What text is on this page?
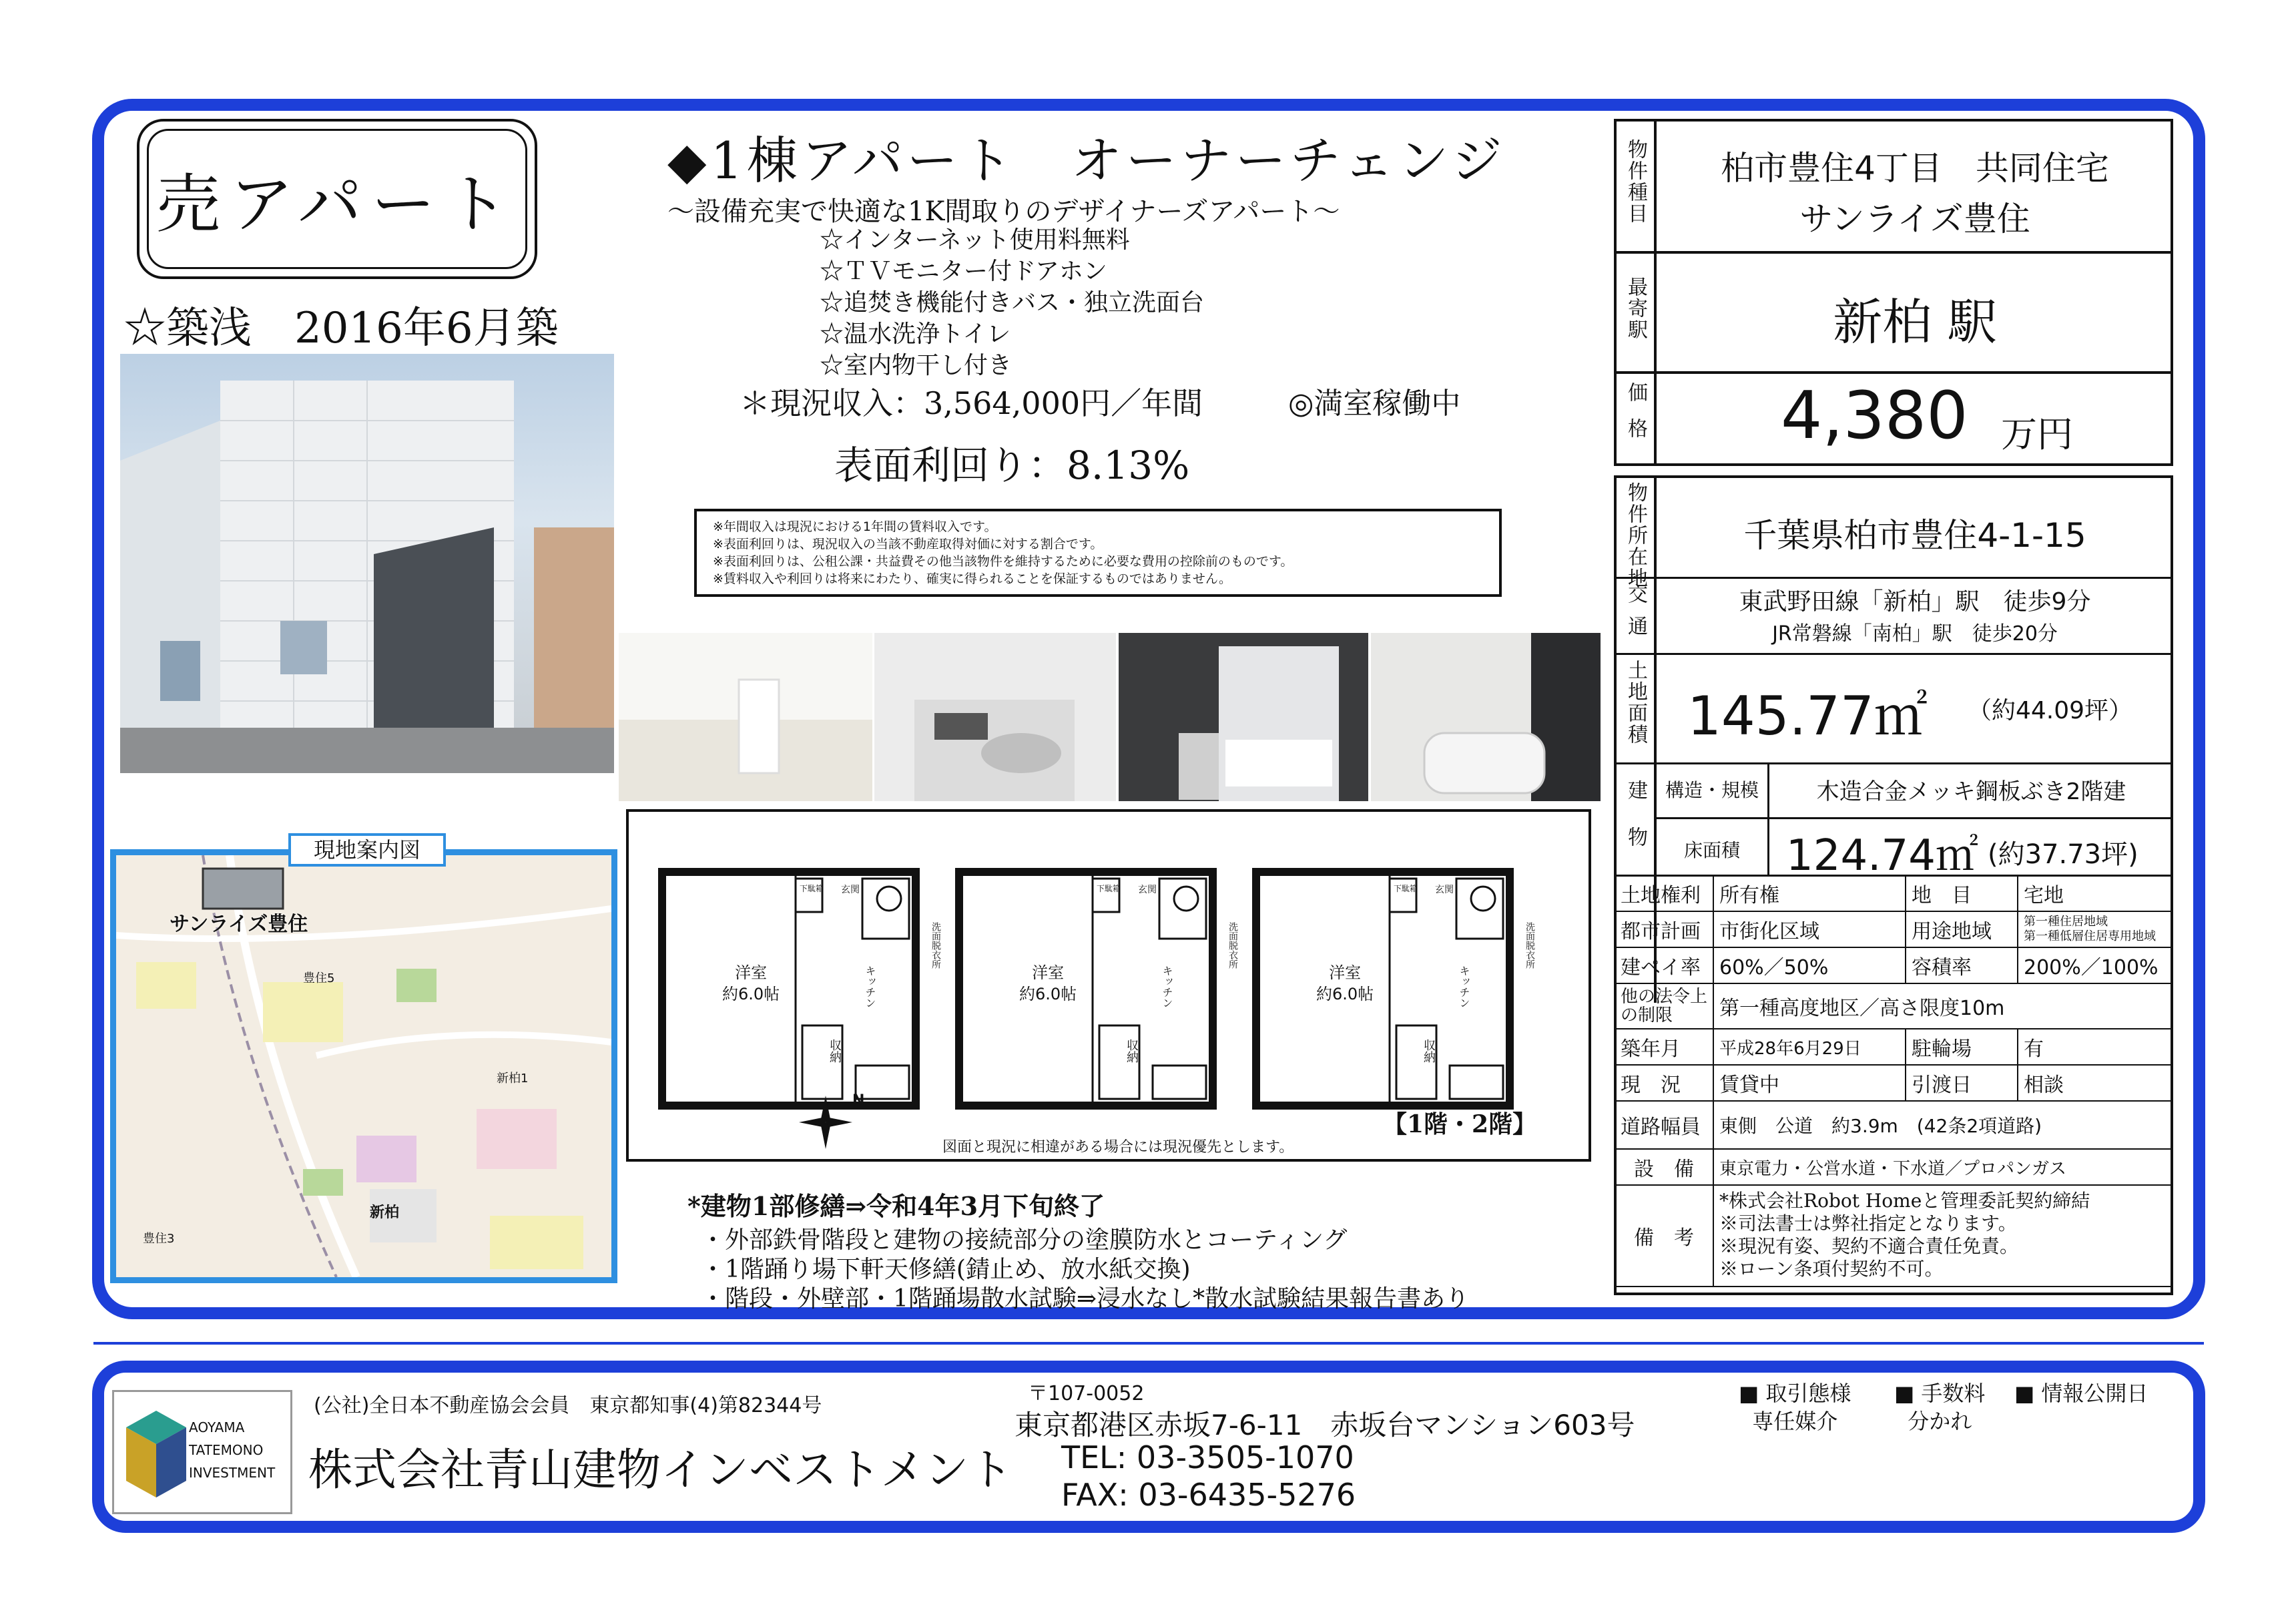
売アパート
☆築浅　2016年6月築
◆1棟アパート　オーナーチェンジ
～設備充実で快適な1K間取りのデザイナーズアパート～
☆インターネット使用料無料
☆ＴＶモニター付ドアホン
☆追焚き機能付きバス・独立洗面台
☆温水洗浄トイレ
☆室内物干し付き
＊現況収入：3,564,000円／年間	◎満室稼働中
表面利回り：8.13%
※年間収入は現況における1年間の賃料収入です。
※表面利回りは、現況収入の当該不動産取得対価に対する割合です。
※表面利回りは、公租公課・共益費その他当該物件を維持するために必要な費用の控除前のものです。
※賃料収入や利回りは将来にわたり、確実に得られることを保証するものではありません。
サンライズ豊住
豊住5
新柏1
豊住3
新柏
現地案内図
洋室
約6.0帖
洋室
約6.0帖
洋室
約6.0帖
収納	収納	収納
キッチン	キッチン	キッチン
玄関	玄関	玄関
下駄箱	下駄箱	下駄箱
洗面脱衣所	洗面脱衣所	洗面脱衣所
N
【1階・2階】
図面と現況に相違がある場合には現況優先とします。
*建物1部修繕⇒令和4年3月下旬終了
・外部鉄骨階段と建物の接続部分の塗膜防水とコーティング
・1階踊り場下軒天修繕(錆止め、放水紙交換)
・階段・外壁部・1階踊場散水試験⇒浸水なし*散水試験結果報告書あり
物件種目	柏市豊住4丁目　共同住宅
サンライズ豊住
最寄駅	新柏 駅
価格 4,380 万円
物件所在地	千葉県柏市豊住4-1-15
交通	東武野田線「新柏」駅　徒歩9分
JR常磐線「南柏」駅　徒歩20分
土地面積 145.77㎡ （約44.09坪）
建物 構造・規模	木造合金メッキ鋼板ぶき2階建
床面積	124.74㎡ (約37.73坪)
土地権利	所有権	地　目	宅地
都市計画	市街化区域	用途地域	第一種住居地域
第一種低層住居専用地域

建ペイ率	60%／50%	容積率	200%／100%
他の法令上の制限	第一種高度地区／高さ限度10m		
築年月	平成28年6月29日	駐輪場	有
現　況	賃貸中	引渡日	相談
道路幅員	東側　公道　約3.9m　(42条2項道路)		
設　備	東京電力・公営水道・下水道／プロパンガス		
備　考	*株式会社Robot Homeと管理委託契約締結
※司法書士は弊社指定となります。
※現況有姿、契約不適合責任免責。
※ローン条項付契約不可。		
AOYAMA
TATEMONO
INVESTMENT
(公社)全日本不動産協会会員　東京都知事(4)第82344号
株式会社青山建物インベストメント
〒107-0052
東京都港区赤坂7-6-11　赤坂台マンション603号
TEL: 03-3505-1070
FAX: 03-6435-5276
■ 取引態様
専任媒介
■ 手数料
分かれ
■ 情報公開日
